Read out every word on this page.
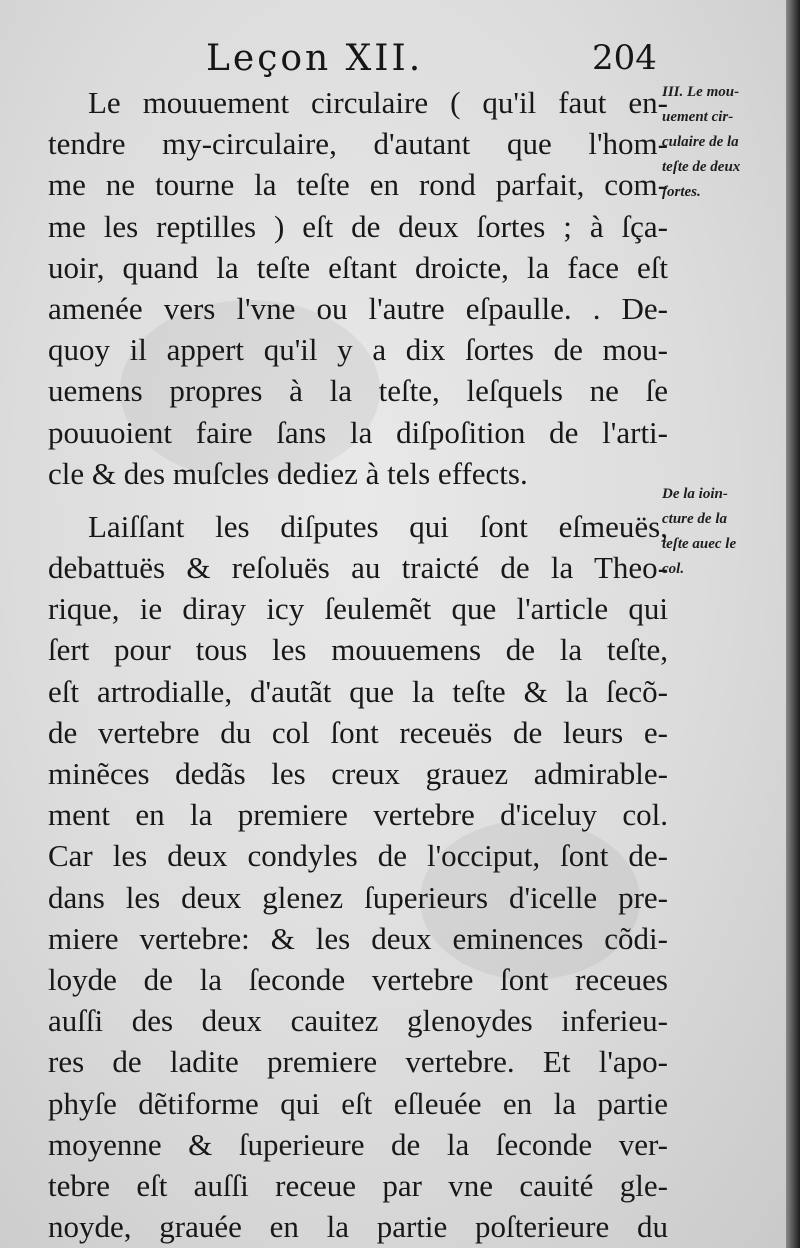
Leçon XII.	204
Le mouuement circulaire ( qu'il faut en-
tendre my-circulaire, d'autant que l'hom-
me ne tourne la teſte en rond parfait, com-
me les reptilles ) eſt de deux ſortes ; à ſça-
uoir, quand la teſte eſtant droicte, la face eſt
amenée vers l'vne ou l'autre eſpaulle. . De-
quoy il appert qu'il y a dix ſortes de mou-
uemens propres à la teſte, leſquels ne ſe
pouuoient faire ſans la diſpoſition de l'arti-
cle & des muſcles dediez à tels effects.
Laiſſant les diſputes qui ſont eſmeuës,
debattuës & reſoluës au traicté de la Theo-
rique, ie diray icy ſeulemẽt que l'article qui
ſert pour tous les mouuemens de la teſte,
eſt artrodialle, d'autãt que la teſte & la ſecõ-
de vertebre du col ſont receuës de leurs e-
minẽces dedãs les creux grauez admirable-
ment en la premiere vertebre d'iceluy col.
Car les deux condyles de l'occiput, ſont de-
dans les deux glenez ſuperieurs d'icelle pre-
miere vertebre: & les deux eminences cõdi-
loyde de la ſeconde vertebre ſont receues
auſſi des deux cauitez glenoydes inferieu-
res de ladite premiere vertebre. Et l'apo-
phyſe dẽtiforme qui eſt eſleuée en la partie
moyenne & ſuperieure de la ſeconde ver-
tebre eſt auſſi receue par vne cauité gle-
noyde, grauée en la partie poſterieure du
III. Le mou-
uement cir-
culaire de la
teſte de deux
ſortes.
De la ioin-
cture de la
teſte auec le
col.
